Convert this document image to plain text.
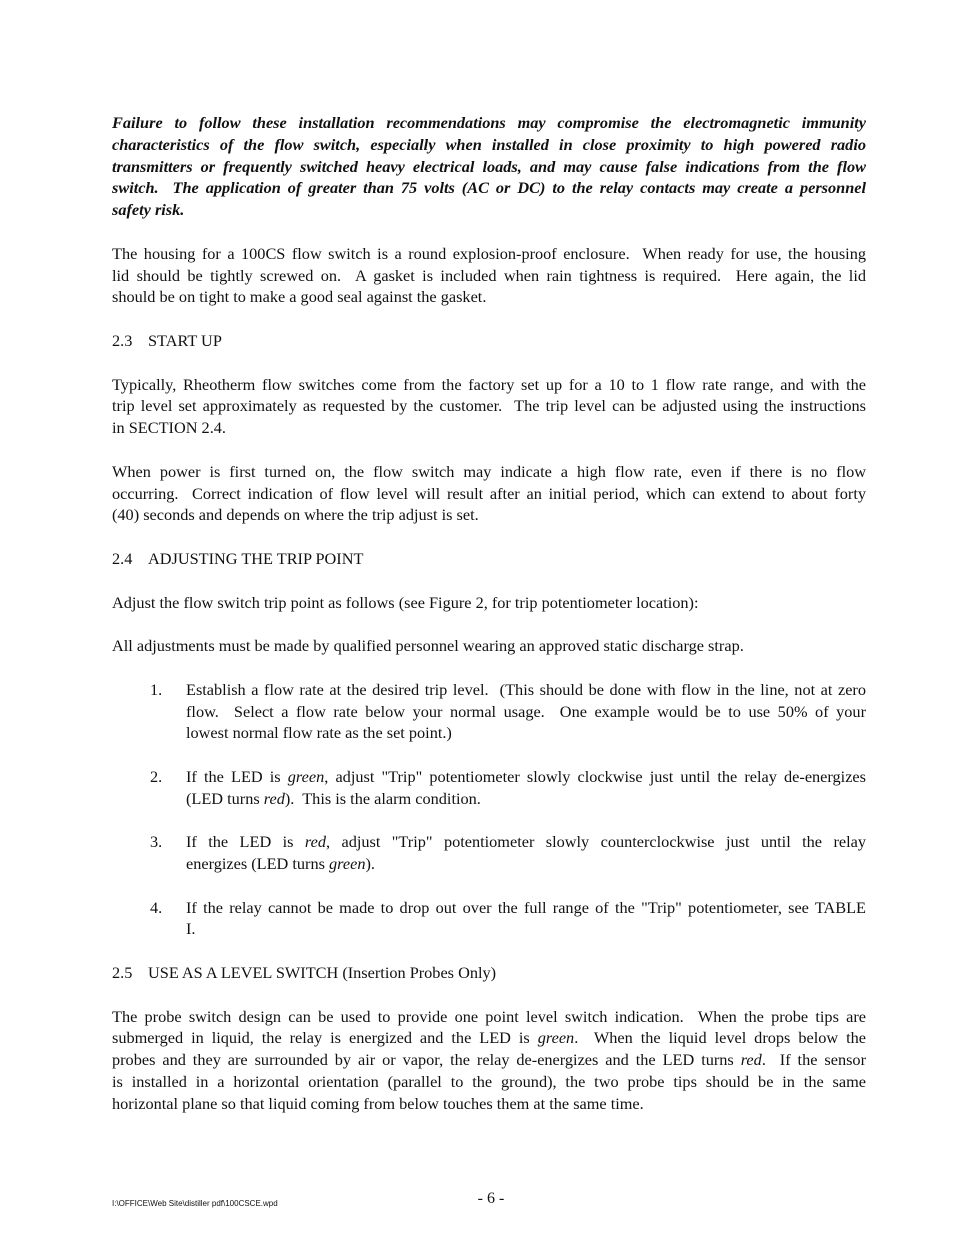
Failure to follow these installation recommendations may compromise the electromagnetic immunity
characteristics of the flow switch, especially when installed in close proximity to high powered radio
transmitters or frequently switched heavy electrical loads, and may cause false indications from the flow
switch.  The application of greater than 75 volts (AC or DC) to the relay contacts may create a personnel
safety risk.
The housing for a 100CS flow switch is a round explosion-proof enclosure.  When ready for use, the housing
lid should be tightly screwed on.  A gasket is included when rain tightness is required.  Here again, the lid
should be on tight to make a good seal against the gasket.
2.3 START UP
Typically, Rheotherm flow switches come from the factory set up for a 10 to 1 flow rate range, and with the
trip level set approximately as requested by the customer.  The trip level can be adjusted using the instructions
in SECTION 2.4.
When power is first turned on, the flow switch may indicate a high flow rate, even if there is no flow
occurring.  Correct indication of flow level will result after an initial period, which can extend to about forty
(40) seconds and depends on where the trip adjust is set.
2.4 ADJUSTING THE TRIP POINT
Adjust the flow switch trip point as follows (see Figure 2, for trip potentiometer location):
All adjustments must be made by qualified personnel wearing an approved static discharge strap.
1. Establish a flow rate at the desired trip level.  (This should be done with flow in the line, not at zero
flow.  Select a flow rate below your normal usage.  One example would be to use 50% of your
lowest normal flow rate as the set point.)
2. If the LED is green, adjust "Trip" potentiometer slowly clockwise just until the relay de-energizes
(LED turns red).  This is the alarm condition.
3. If the LED is red, adjust "Trip" potentiometer slowly counterclockwise just until the relay
energizes (LED turns green).
4. If the relay cannot be made to drop out over the full range of the "Trip" potentiometer, see TABLE
I.
2.5 USE AS A LEVEL SWITCH (Insertion Probes Only)
The probe switch design can be used to provide one point level switch indication.  When the probe tips are
submerged in liquid, the relay is energized and the LED is green.  When the liquid level drops below the
probes and they are surrounded by air or vapor, the relay de-energizes and the LED turns red.  If the sensor
is installed in a horizontal orientation (parallel to the ground), the two probe tips should be in the same
horizontal plane so that liquid coming from below touches them at the same time.
I:\OFFICE\Web Site\distiller pdf\100CSCE.wpd	- 6 -
